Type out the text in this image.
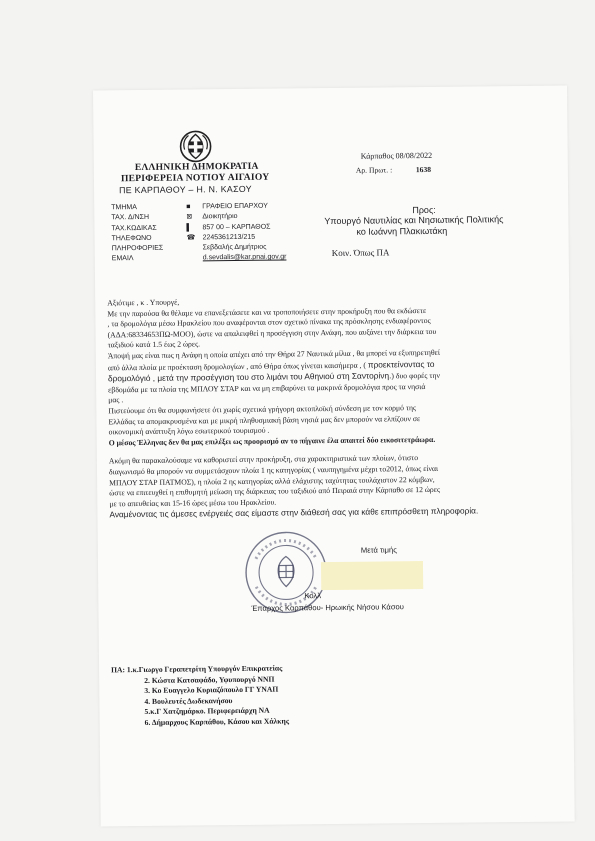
ΕΛΛΗΝΙΚΗ ΔΗΜΟΚΡΑΤΙΑ
ΠΕΡΙΦΕΡΕΙΑ ΝΟΤΙΟΥ ΑΙΓΑΙΟΥ
ΠΕ ΚΑΡΠΑΘΟΥ – Η. Ν. ΚΑΣΟΥ
Κάρπαθος 08/08/2022
Αρ. Πρωτ. :	1638
ΤΜΗΜΑ	■	ΓΡΑΦΕΙΟ ΕΠΑΡΧΟΥ
ΤΑΧ. Δ/ΝΣΗ	⊠	Διοικητήριο
ΤΑΧ.ΚΩΔΙΚΑΣ	▌	857 00 – ΚΑΡΠΑΘΟΣ
ΤΗΛΕΦΩΝΟ	☎	2245361213/215
ΠΛΗΡΟΦΟΡΙΕΣ	Σεβδαλής Δημήτριος
ΕΜΑΙΛ	d.sevdalis@kar.pnai.gov.gr
Προς:
Υπουργό Ναυτιλίας και Νησιωτικής Πολιτικής
κο Ιωάννη Πλακιωτάκη
Κοιν. Όπως ΠΑ

Αξιότιμε , κ . Υπουργέ,

Με την παρούσα θα θέλαμε να επανεξετάσετε και να τροποποιήσετε στην προκήρυξη που θα εκδώσετε

, τα δρομολόγια μέσω Ηρακλείου που αναφέρονται στον σχετικό πίνακα της πρόσκλησης ενδιαφέροντος

(ΑΔΑ:68334653ΠΩ-ΜΟΟ), ώστε να απαλειφθεί η προσέγγιση στην Ανάφη, που αυξάνει την διάρκεια του

ταξιδιού κατά 1.5 έως 2 ώρες.

Άποψή μας είναι πως η Ανάφη η οποία απέχει από την Θήρα 27 Ναυτικά μίλια , θα μπορεί να εξυπηρετηθεί

από άλλα πλοία με προέκταση δρομολογίων , από Θήρα όπως γίνεται καισήμερα , ( προεκτείνοντας το

δρομολόγιό , μετά την προσέγγιση του στο λιμάνι του Αθηνιού στη Σαντορίνη.) δυο φορές την

εβδομάδα με τα πλοία της ΜΠΛΟΥ ΣΤΑΡ και να μη επιβαρύνει τα μακρινά δρομολόγια προς τα νησιά

μας .

Πιστεύουμε ότι θα συμφωνήσετε ότι χωρίς σχετικά γρήγορη ακτοπλοϊκή σύνδεση με τον κορμό της

Ελλάδας τα απομακρυσμένα και με μικρή πληθυσμιακή βάση νησιά μας δεν μπορούν να ελπίζουν σε

οικονομική ανάπτυξη λόγω εσωτερικού τουρισμού .

Ο μέσος Έλληνας δεν θα μας επιλέξει ως προορισμό αν το πήγαινε έλα απαιτεί δύο εικοσιτετράωρα.

Ακόμη θα παρακαλούσαμε να καθοριστεί στην προκήρυξη, στα χαρακτηριστικά των πλοίων, ότιστο

διαγωνισμό θα μπορούν να συμμετάσχουν πλοία 1 ης κατηγορίας ( ναυπηγημένα μέχρι το2012, όπως είναι

ΜΠΛΟΥ ΣΤΑΡ ΠΑΤΜΟΣ), η πλοία 2 ης κατηγορίας αλλά ελάχιστης ταχύτητας τουλάχιστον 22 κόμβων,

ώστε να επιτευχθεί η επιθυμητή μείωση της διάρκειας του ταξιδιού από Πειραιά στην Κάρπαθο σε 12 ώρες

με το απευθείας και 15-16 ώρες μέσω του Ηρακλείου.

Αναμένοντας τις άμεσες ενέργειές σας είμαστε στην διάθεσή σας για κάθε επιπρόσθετη πληροφορία.

Μετά τιμής
Κολλ
Έπαρχος Καρπάθου- Ηρωικής Νήσου Κάσου
ΠΑ: 1.κ.Γιωργο Γεραπετρίτη Υπουργόν Επικρατείας
2. Κώστα Κατσαφάδο, Υφυπουργό ΝΝΠ
3. Κο Ευαγγελο Κυριαζόπουλο ΓΓ ΥΝΑΠ
4. Βουλευτές Δωδεκανήσου
5.κ.Γ Χατζημάρκο. Περιφερειάρχη ΝΑ
6. Δήμαρχους Καρπάθου, Κάσου και Χάλκης
